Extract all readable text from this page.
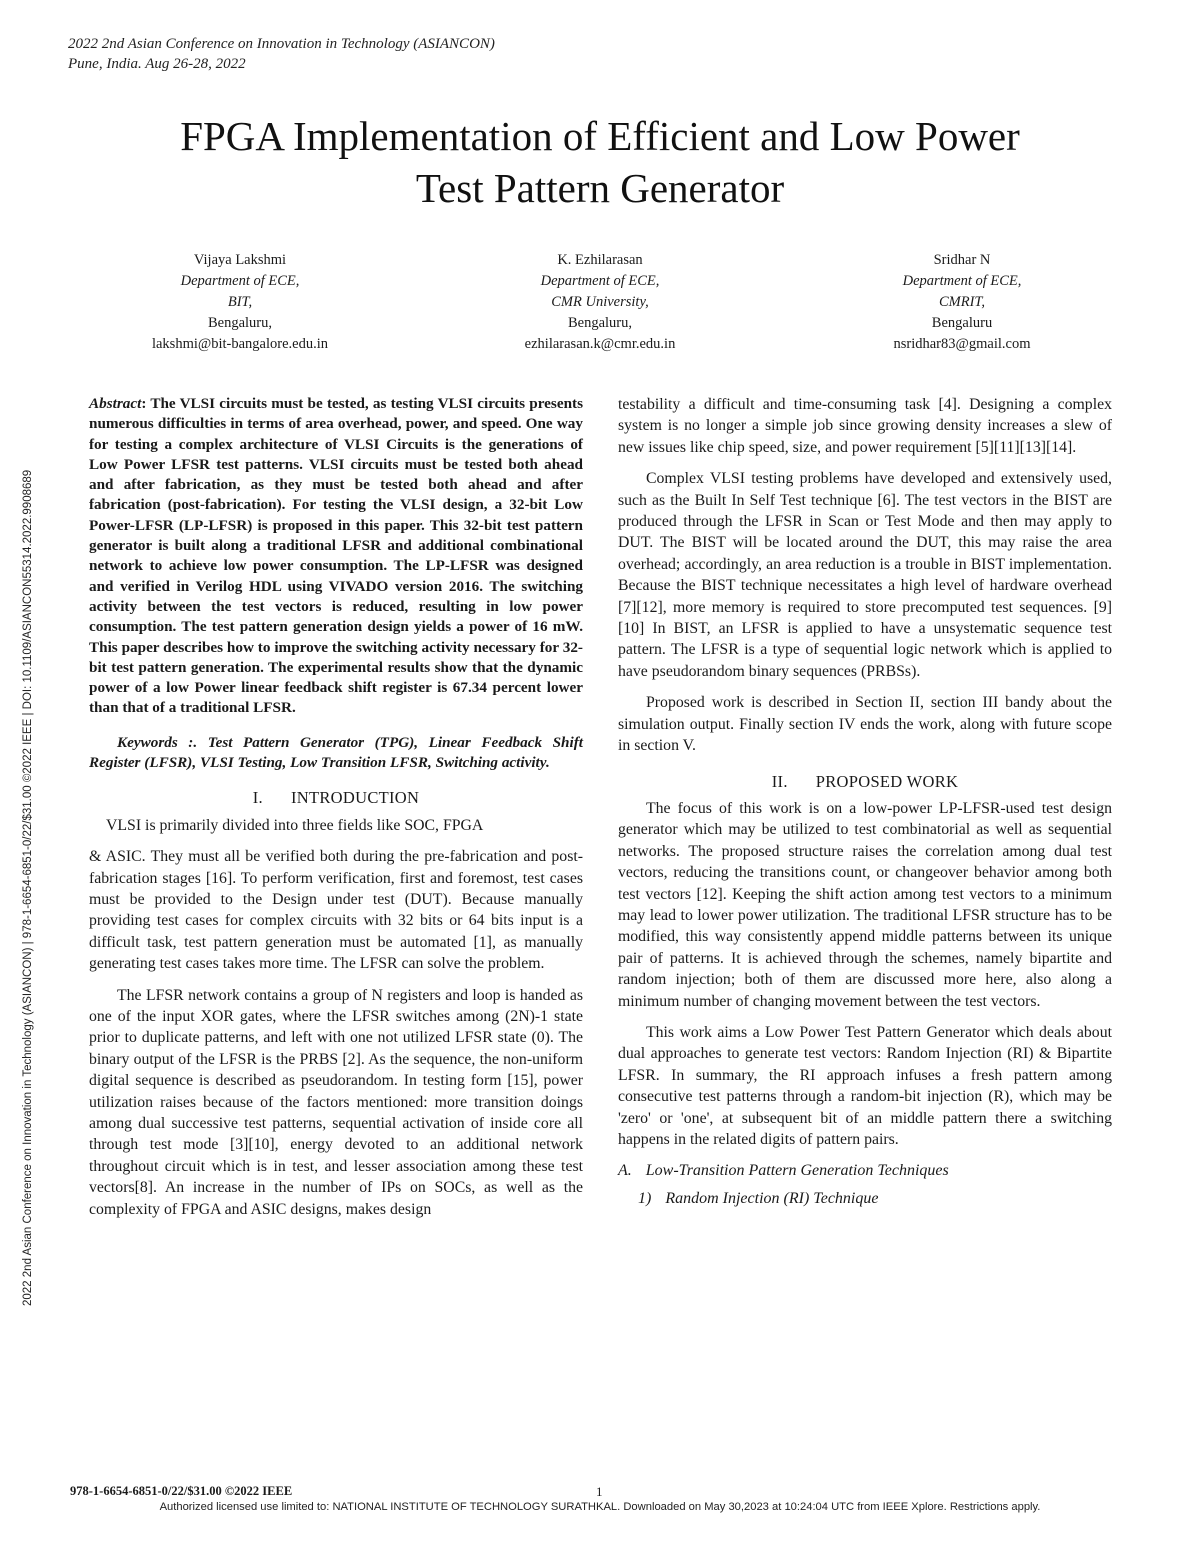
2022 2nd Asian Conference on Innovation in Technology (ASIANCON)
Pune, India. Aug 26-28, 2022
FPGA Implementation of Efficient and Low Power
Test Pattern Generator
Vijaya Lakshmi
Department of ECE,
BIT,
Bengaluru,
lakshmi@bit-bangalore.edu.in
K. Ezhilarasan
Department of ECE,
CMR University,
Bengaluru,
ezhilarasan.k@cmr.edu.in
Sridhar N
Department of ECE,
CMRIT,
Bengaluru
nsridhar83@gmail.com
2022 2nd Asian Conference on Innovation in Technology (ASIANCON) | 978-1-6654-6851-0/22/$31.00 ©2022 IEEE | DOI: 10.1109/ASIANCON55314.2022.9908689
Abstract: The VLSI circuits must be tested, as testing VLSI circuits presents numerous difficulties in terms of area overhead, power, and speed. One way for testing a complex architecture of VLSI Circuits is the generations of Low Power LFSR test patterns. VLSI circuits must be tested both ahead and after fabrication, as they must be tested both ahead and after fabrication (post-fabrication). For testing the VLSI design, a 32-bit Low Power-LFSR (LP-LFSR) is proposed in this paper. This 32-bit test pattern generator is built along a traditional LFSR and additional combinational network to achieve low power consumption. The LP-LFSR was designed and verified in Verilog HDL using VIVADO version 2016. The switching activity between the test vectors is reduced, resulting in low power consumption. The test pattern generation design yields a power of 16 mW. This paper describes how to improve the switching activity necessary for 32-bit test pattern generation. The experimental results show that the dynamic power of a low Power linear feedback shift register is 67.34 percent lower than that of a traditional LFSR.
Keywords :. Test Pattern Generator (TPG), Linear Feedback Shift Register (LFSR), VLSI Testing, Low Transition LFSR, Switching activity.
I. INTRODUCTION

VLSI is primarily divided into three fields like SOC, FPGA

& ASIC. They must all be verified both during the pre-fabrication and post-fabrication stages [16]. To perform verification, first and foremost, test cases must be provided to the Design under test (DUT). Because manually providing test cases for complex circuits with 32 bits or 64 bits input is a difficult task, test pattern generation must be automated [1], as manually generating test cases takes more time. The LFSR can solve the problem.

The LFSR network contains a group of N registers and loop is handed as one of the input XOR gates, where the LFSR switches among (2N)-1 state prior to duplicate patterns, and left with one not utilized LFSR state (0). The binary output of the LFSR is the PRBS [2]. As the sequence, the non-uniform digital sequence is described as pseudorandom. In testing form [15], power utilization raises because of the factors mentioned: more transition doings among dual successive test patterns, sequential activation of inside core all through test mode [3][10], energy devoted to an additional network throughout circuit which is in test, and lesser association among these test vectors[8]. An increase in the number of IPs on SOCs, as well as the complexity of FPGA and ASIC designs, makes design

testability a difficult and time-consuming task [4]. Designing a complex system is no longer a simple job since growing density increases a slew of new issues like chip speed, size, and power requirement [5][11][13][14].

Complex VLSI testing problems have developed and extensively used, such as the Built In Self Test technique [6]. The test vectors in the BIST are produced through the LFSR in Scan or Test Mode and then may apply to DUT. The BIST will be located around the DUT, this may raise the area overhead; accordingly, an area reduction is a trouble in BIST implementation. Because the BIST technique necessitates a high level of hardware overhead [7][12], more memory is required to store precomputed test sequences. [9][10] In BIST, an LFSR is applied to have a unsystematic sequence test pattern. The LFSR is a type of sequential logic network which is applied to have pseudorandom binary sequences (PRBSs).

Proposed work is described in Section II, section III bandy about the simulation output. Finally section IV ends the work, along with future scope in section V.

II. PROPOSED WORK

The focus of this work is on a low-power LP-LFSR-used test design generator which may be utilized to test combinatorial as well as sequential networks. The proposed structure raises the correlation among dual test vectors, reducing the transitions count, or changeover behavior among both test vectors [12]. Keeping the shift action among test vectors to a minimum may lead to lower power utilization. The traditional LFSR structure has to be modified, this way consistently append middle patterns between its unique pair of patterns. It is achieved through the schemes, namely bipartite and random injection; both of them are discussed more here, also along a minimum number of changing movement between the test vectors.

This work aims a Low Power Test Pattern Generator which deals about dual approaches to generate test vectors: Random Injection (RI) & Bipartite LFSR. In summary, the RI approach infuses a fresh pattern among consecutive test patterns through a random-bit injection (R), which may be 'zero' or 'one', at subsequent bit of an middle pattern there a switching happens in the related digits of pattern pairs.

A. Low-Transition Pattern Generation Techniques
1) Random Injection (RI) Technique
978-1-6654-6851-0/22/$31.00 ©2022 IEEE	1
Authorized licensed use limited to: NATIONAL INSTITUTE OF TECHNOLOGY SURATHKAL. Downloaded on May 30,2023 at 10:24:04 UTC from IEEE Xplore. Restrictions apply.
